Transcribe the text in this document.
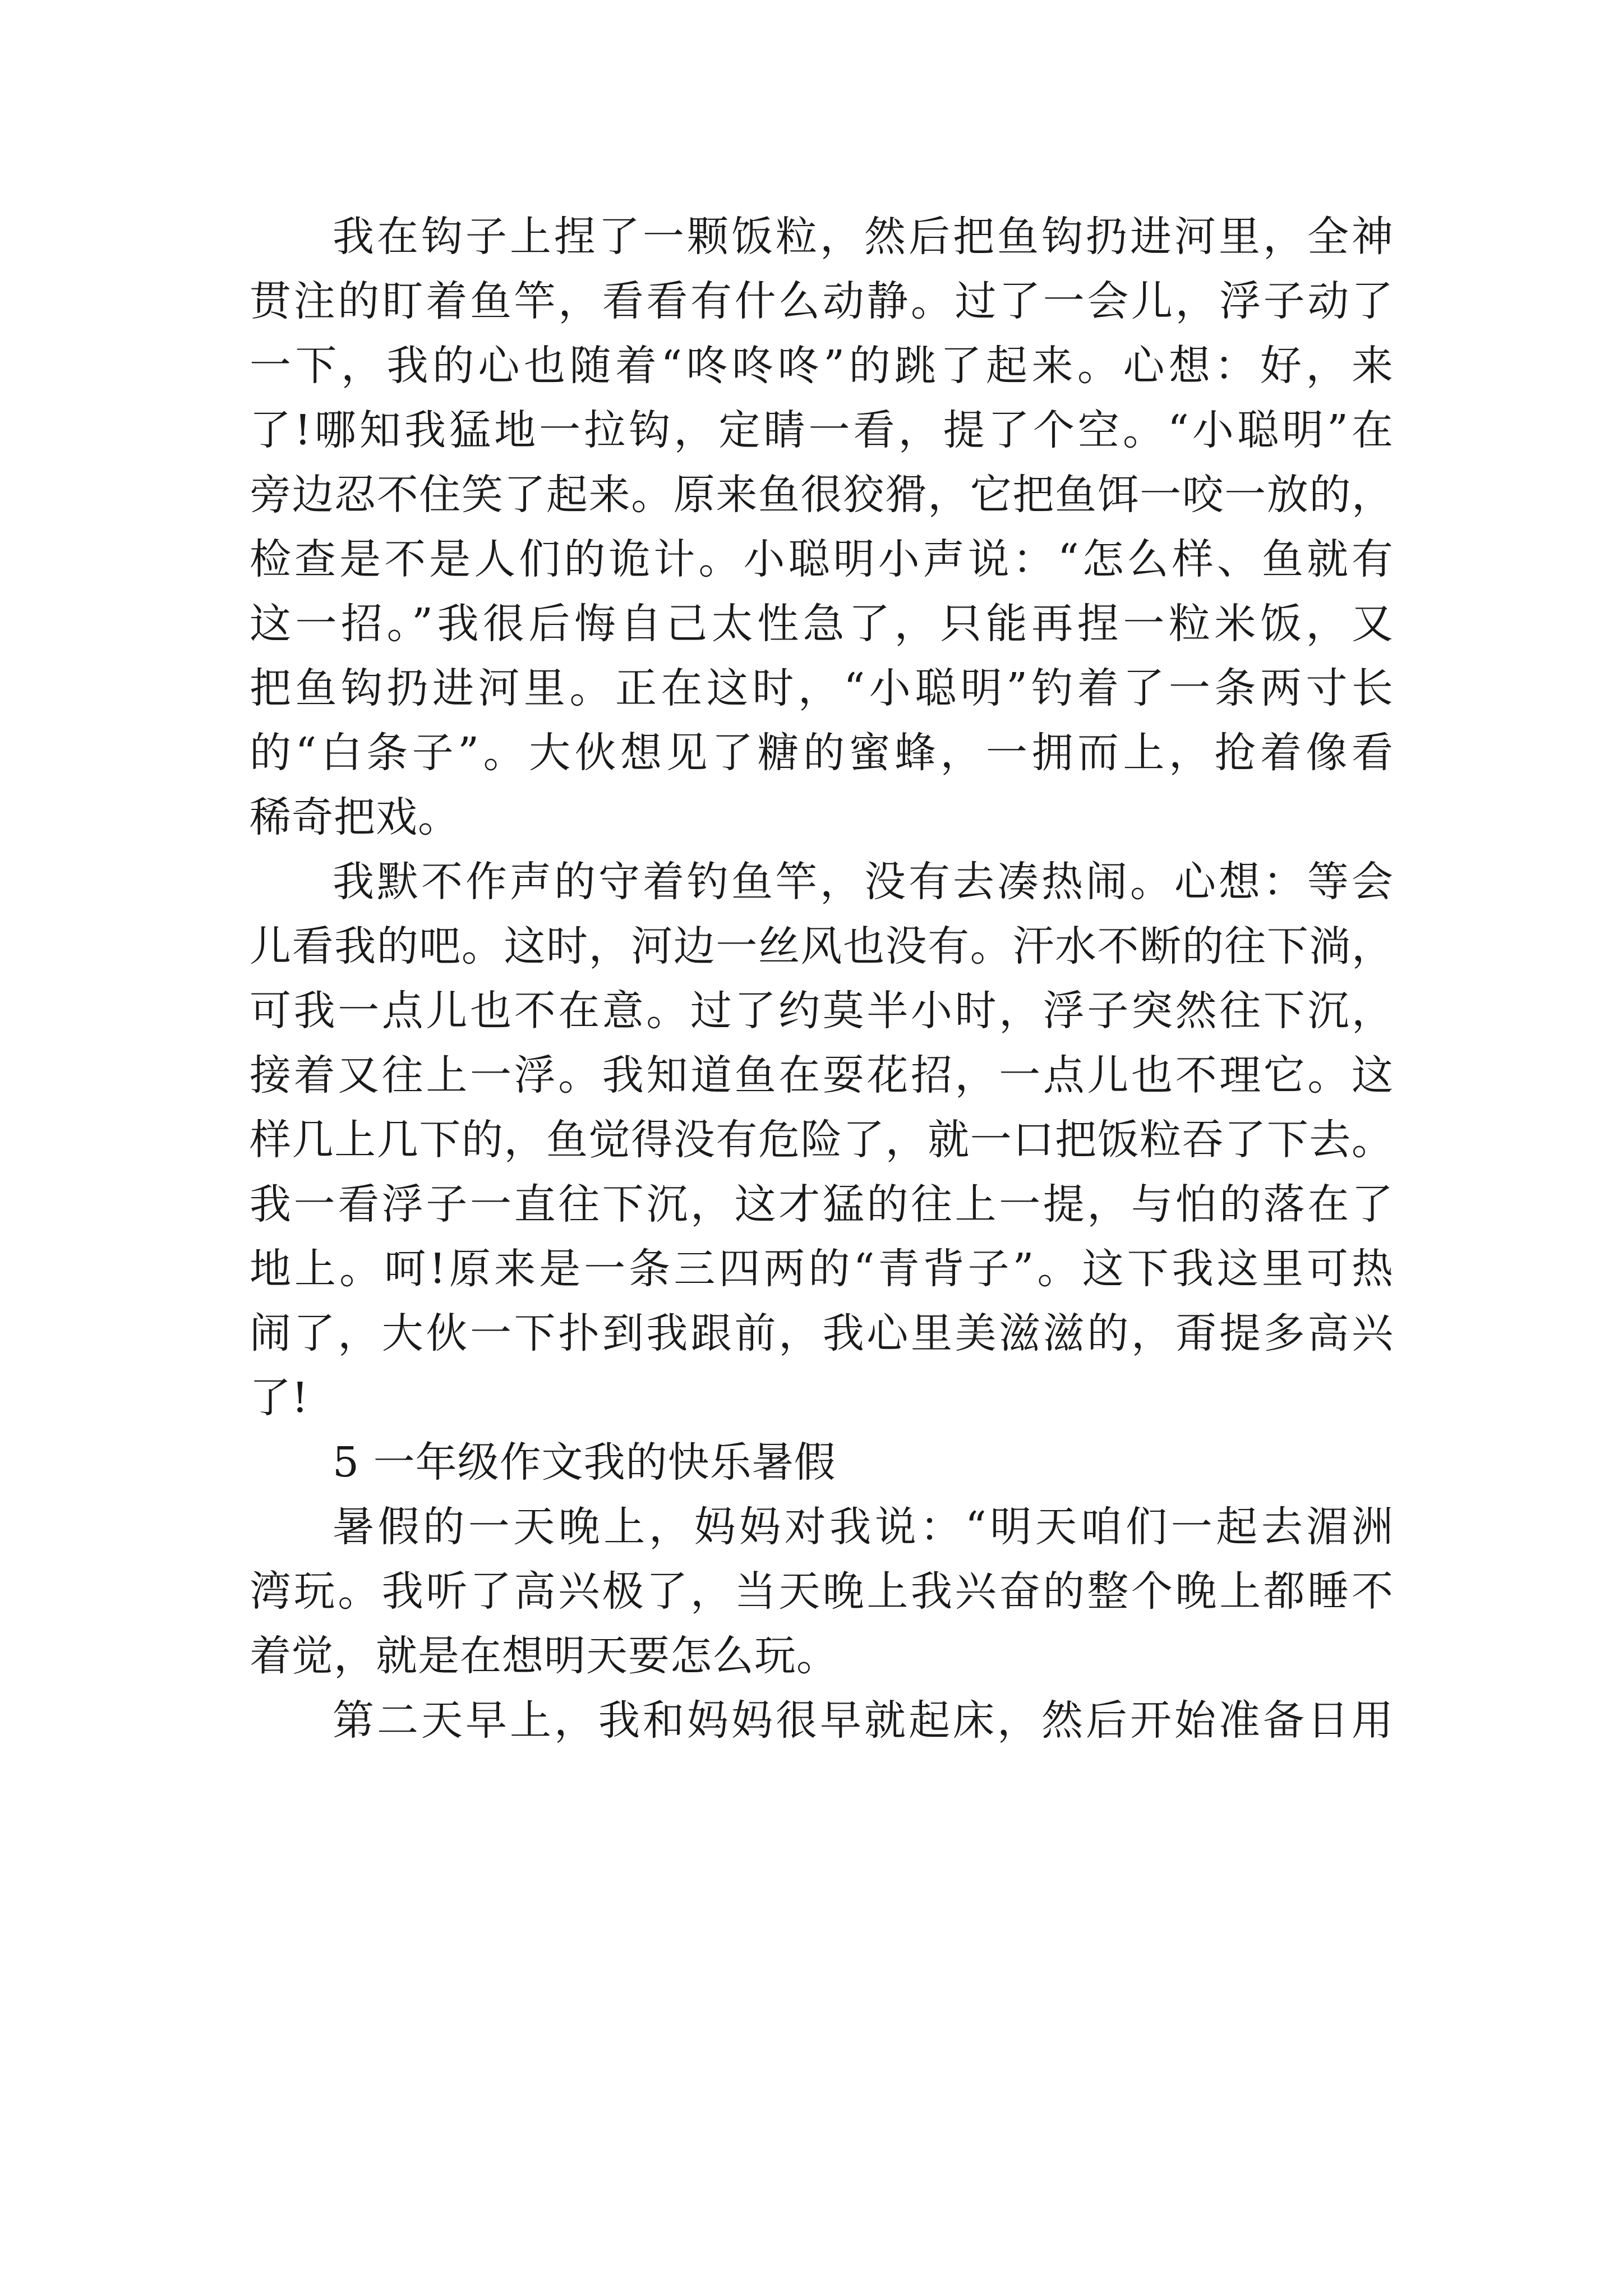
我在钩子上捏了一颗饭粒，然后把鱼钩扔进河里，全神
贯注的盯着鱼竿，看看有什么动静。过了一会儿，浮子动了
一下，我的心也随着“咚咚咚”的跳了起来。心想：好，来
了!哪知我猛地一拉钩，定睛一看，提了个空。“小聪明”在
旁边忍不住笑了起来。原来鱼很狡猾，它把鱼饵一咬一放的，
检查是不是人们的诡计。小聪明小声说：“怎么样、鱼就有
这一招。”我很后悔自己太性急了，只能再捏一粒米饭，又
把鱼钩扔进河里。正在这时，“小聪明”钓着了一条两寸长
的“白条子”。大伙想见了糖的蜜蜂，一拥而上，抢着像看
稀奇把戏。
我默不作声的守着钓鱼竿，没有去凑热闹。心想：等会
儿看我的吧。这时，河边一丝风也没有。汗水不断的往下淌，
可我一点儿也不在意。过了约莫半小时，浮子突然往下沉，
接着又往上一浮。我知道鱼在耍花招，一点儿也不理它。这
样几上几下的，鱼觉得没有危险了，就一口把饭粒吞了下去。
我一看浮子一直往下沉，这才猛的往上一提，与怕的落在了
地上。呵!原来是一条三四两的“青背子”。这下我这里可热
闹了，大伙一下扑到我跟前，我心里美滋滋的，甭提多高兴
了!
5 一年级作文我的快乐暑假
暑假的一天晚上，妈妈对我说：“明天咱们一起去湄洲
湾玩。我听了高兴极了，当天晚上我兴奋的整个晚上都睡不
着觉，就是在想明天要怎么玩。
第二天早上，我和妈妈很早就起床，然后开始准备日用
